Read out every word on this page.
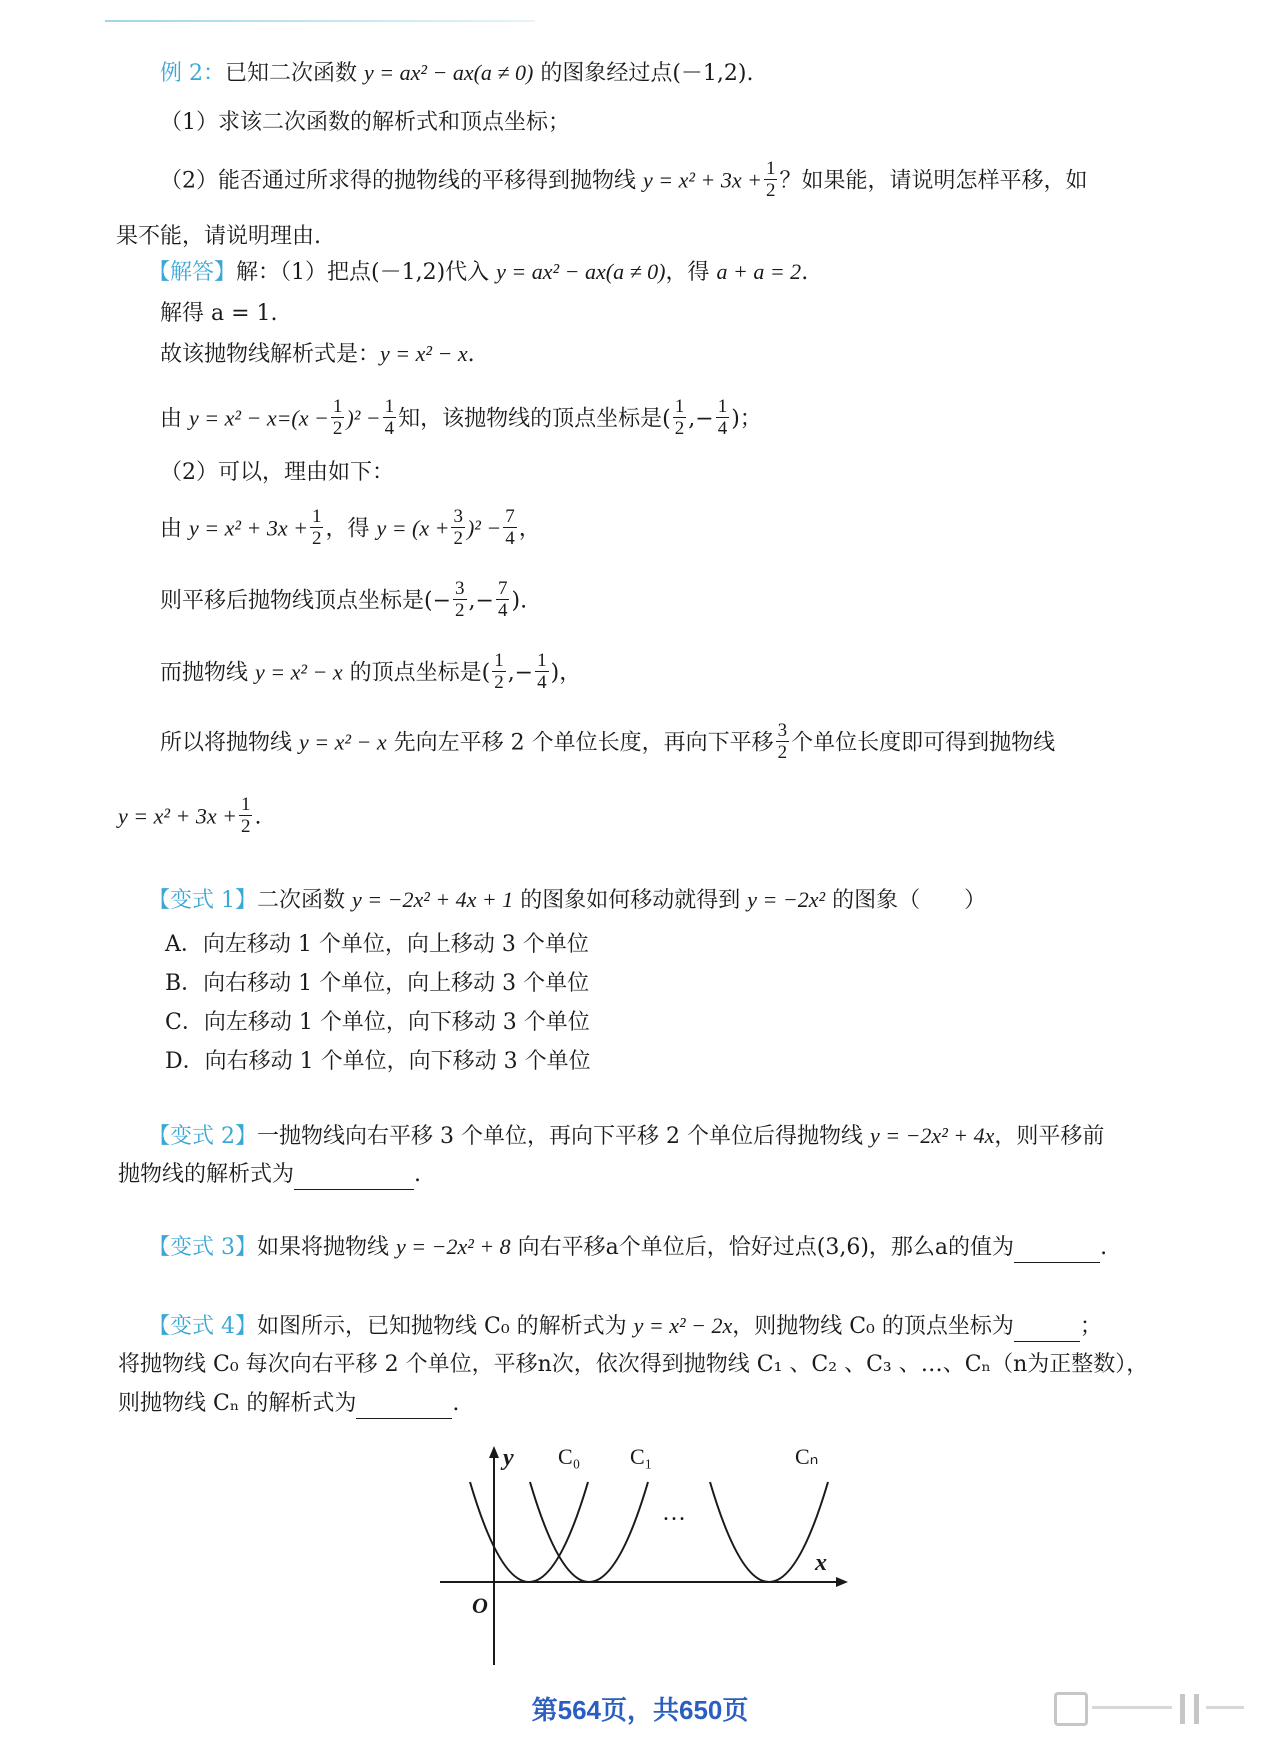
例 2：已知二次函数 y = ax² − ax(a ≠ 0) 的图象经过点(－1,2).
（1）求该二次函数的解析式和顶点坐标；
（2）能否通过所求得的抛物线的平移得到抛物线 $y = x^2 + 3x + \frac{1}{2}$ ？如果能，请说明怎样平移，如
果不能，请说明理由.
【解答】解：（1）把点(－1,2)代入 y = ax² − ax(a ≠ 0)，得 a + a = 2.
解得 a = 1.
故该抛物线解析式是：y = x² − x.
由 $y = x^2 - x=(x - \frac{1}{2} )^2 - \frac{1}{4}$ 知，该抛物线的顶点坐标是( $\frac{1}{2}$ ,− $\frac{1}{4}$ )；
（2）可以，理由如下：
由 $y = x^2 + 3x + \frac{1}{2}$ ，得 $y = (x + \frac{3}{2} )^2 - \frac{7}{4}$ ，
则平移后抛物线顶点坐标是(− $\frac{3}{2}$ ,− $\frac{7}{4}$ ).
而抛物线 y = x² − x 的顶点坐标是( $\frac{1}{2}$ ,− $\frac{1}{4}$ )，
所以将抛物线 y = x² − x 先向左平移 2 个单位长度，再向下平移 $\frac{3}{2}$ 个单位长度即可得到抛物线
$y = x^2 + 3x + \frac{1}{2}$ .
【变式 1】二次函数 y = −2x² + 4x + 1 的图象如何移动就得到 y = −2x² 的图象（　　）
A．向左移动 1 个单位，向上移动 3 个单位
B．向右移动 1 个单位，向上移动 3 个单位
C．向左移动 1 个单位，向下移动 3 个单位
D．向右移动 1 个单位，向下移动 3 个单位
【变式 2】一抛物线向右平移 3 个单位，再向下平移 2 个单位后得抛物线 y = −2x² + 4x，则平移前
抛物线的解析式为	.
【变式 3】如果将抛物线 y = −2x² + 8 向右平移a个单位后，恰好过点(3,6)，那么a的值为	.
【变式 4】如图所示，已知抛物线 C₀ 的解析式为 y = x² − 2x，则抛物线 C₀ 的顶点坐标为	；
将抛物线 C₀ 每次向右平移 2 个单位，平移n次，依次得到抛物线 C₁ 、C₂ 、C₃ 、…、Cₙ（n为正整数），
则抛物线 Cₙ 的解析式为	.
y
x
O
C₀ C₁	Cₙ
…
第564页，共650页
